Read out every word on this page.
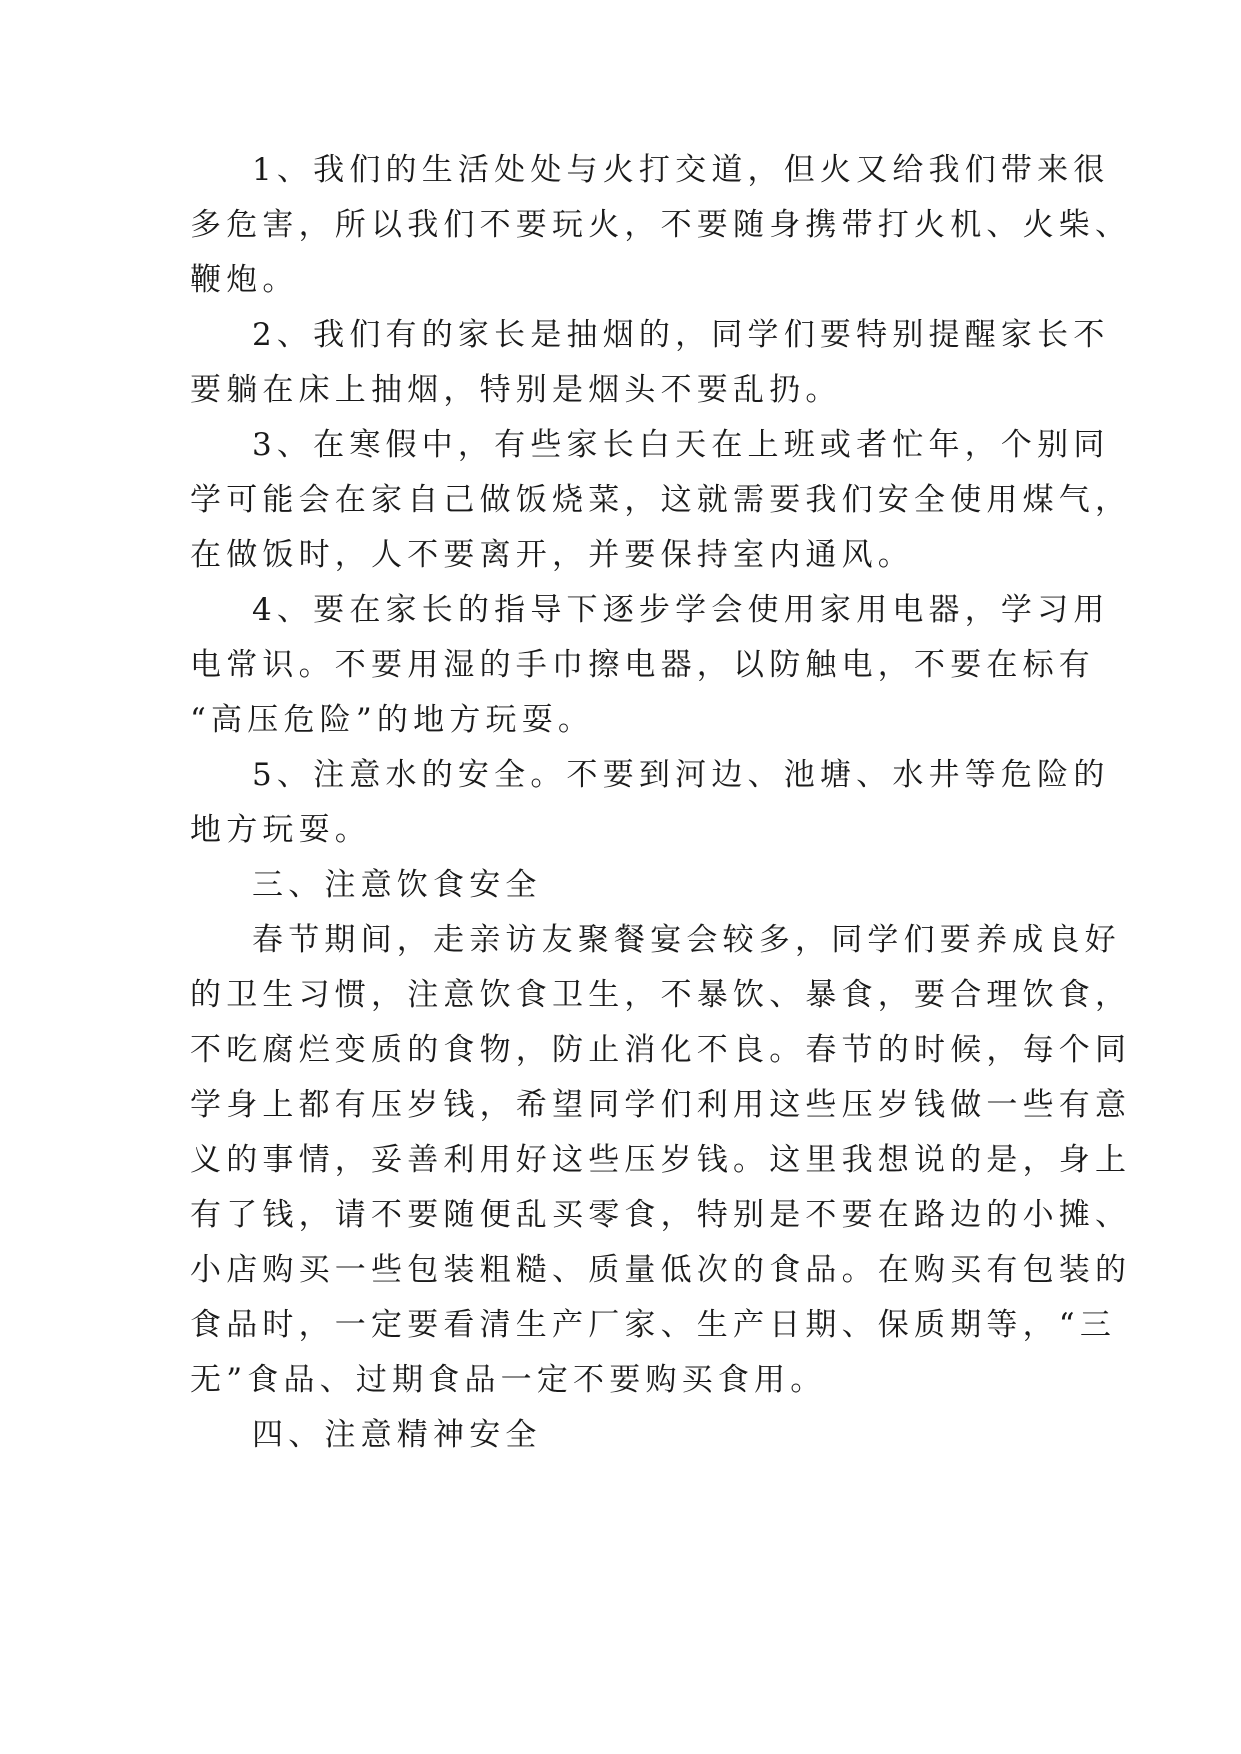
1、我们的生活处处与火打交道，但火又给我们带来很
多危害，所以我们不要玩火，不要随身携带打火机、火柴、
鞭炮。
2、我们有的家长是抽烟的，同学们要特别提醒家长不
要躺在床上抽烟，特别是烟头不要乱扔。
3、在寒假中，有些家长白天在上班或者忙年，个别同
学可能会在家自己做饭烧菜，这就需要我们安全使用煤气，
在做饭时，人不要离开，并要保持室内通风。
4、要在家长的指导下逐步学会使用家用电器，学习用
电常识。不要用湿的手巾擦电器，以防触电，不要在标有
“高压危险”的地方玩耍。
5、注意水的安全。不要到河边、池塘、水井等危险的
地方玩耍。
三、注意饮食安全
春节期间，走亲访友聚餐宴会较多，同学们要养成良好
的卫生习惯，注意饮食卫生，不暴饮、暴食，要合理饮食，
不吃腐烂变质的食物，防止消化不良。春节的时候，每个同
学身上都有压岁钱，希望同学们利用这些压岁钱做一些有意
义的事情，妥善利用好这些压岁钱。这里我想说的是，身上
有了钱，请不要随便乱买零食，特别是不要在路边的小摊、
小店购买一些包装粗糙、质量低次的食品。在购买有包装的
食品时，一定要看清生产厂家、生产日期、保质期等，“三
无”食品、过期食品一定不要购买食用。
四、注意精神安全
